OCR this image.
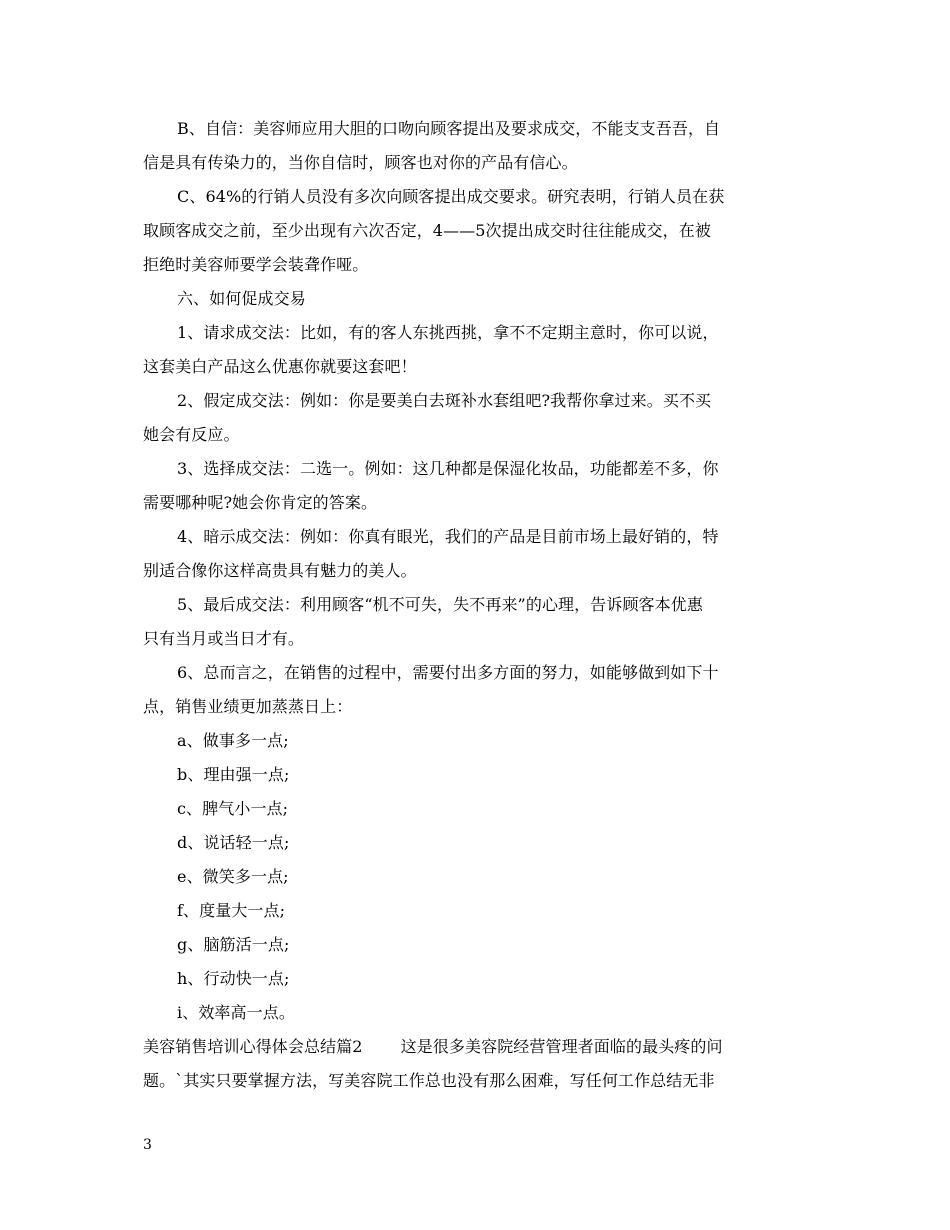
B、自信：美容师应用大胆的口吻向顾客提出及要求成交，不能支支吾吾，自
信是具有传染力的，当你自信时，顾客也对你的产品有信心。
C、64%的行销人员没有多次向顾客提出成交要求。研究表明，行销人员在获
取顾客成交之前，至少出现有六次否定，4——5次提出成交时往往能成交，在被
拒绝时美容师要学会装聋作哑。
六、如何促成交易
1、请求成交法：比如，有的客人东挑西挑，拿不不定期主意时，你可以说，
这套美白产品这么优惠你就要这套吧！
2、假定成交法：例如：你是要美白去斑补水套组吧?我帮你拿过来。买不买
她会有反应。
3、选择成交法：二选一。例如：这几种都是保湿化妆品，功能都差不多，你
需要哪种呢?她会你肯定的答案。
4、暗示成交法：例如：你真有眼光，我们的产品是目前市场上最好销的，特
别适合像你这样高贵具有魅力的美人。
5、最后成交法：利用顾客“机不可失，失不再来”的心理，告诉顾客本优惠
只有当月或当日才有。
6、总而言之，在销售的过程中，需要付出多方面的努力，如能够做到如下十
点，销售业绩更加蒸蒸日上：
a、做事多一点;
b、理由强一点;
c、脾气小一点;
d、说话轻一点;
e、微笑多一点;
f、度量大一点;
g、脑筋活一点;
h、行动快一点;
i、效率高一点。
美容销售培训心得体会总结篇2 这是很多美容院经营管理者面临的最头疼的问
题。`其实只要掌握方法，写美容院工作总也没有那么困难，写任何工作总结无非
3
